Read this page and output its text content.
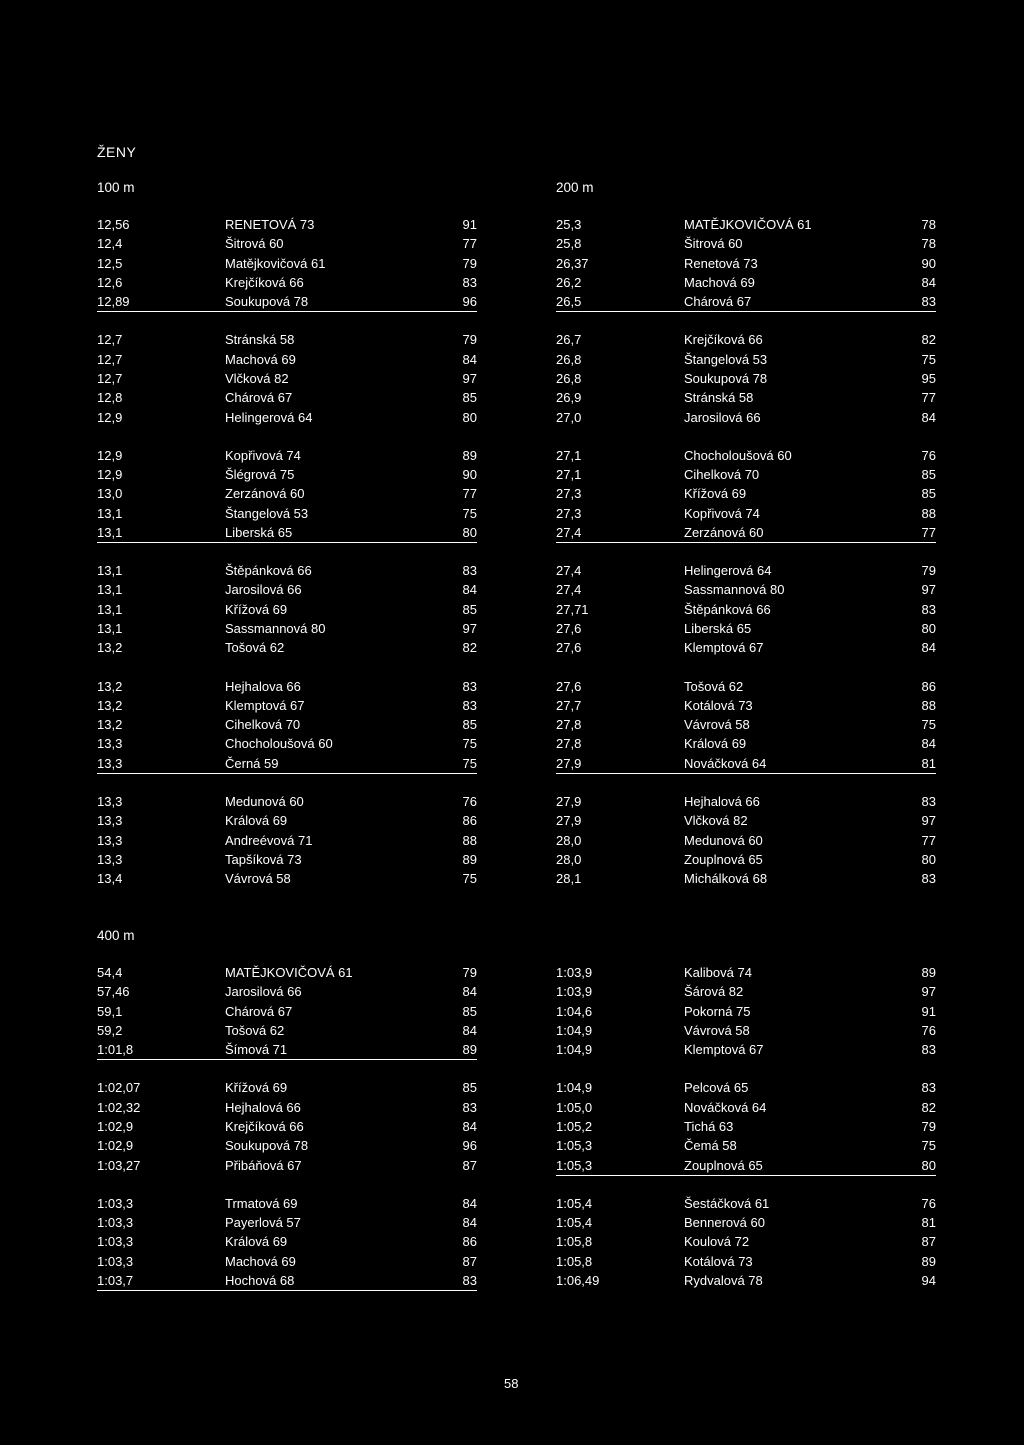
ŽENY
100 m	200 m
12,56	RENETOVÁ 73	91
12,4	Šitrová 60	77
12,5	Matějkovičová 61	79
12,6	Krejčíková 66	83
12,89	Soukupová 78	96
12,7	Stránská 58	79
12,7	Machová 69	84
12,7	Vlčková 82	97
12,8	Chárová 67	85
12,9	Helingerová 64	80
12,9	Kopřivová 74	89
12,9	Šlégrová 75	90
13,0	Zerzánová 60	77
13,1	Štangelová 53	75
13,1	Liberská 65	80
13,1	Štěpánková 66	83
13,1	Jarosilová 66	84
13,1	Křížová 69	85
13,1	Sassmannová 80	97
13,2	Tošová 62	82
13,2	Hejhalova 66	83
13,2	Klemptová 67	83
13,2	Cihelková 70	85
13,3	Chocholoušová 60	75
13,3	Černá 59	75
13,3	Medunová 60	76
13,3	Králová 69	86
13,3	Andreévová 71	88
13,3	Tapšíková 73	89
13,4	Vávrová 58	75
25,3	MATĚJKOVIČOVÁ 61	78
25,8	Šitrová 60	78
26,37	Renetová 73	90
26,2	Machová 69	84
26,5	Chárová 67	83
26,7	Krejčíková 66	82
26,8	Štangelová 53	75
26,8	Soukupová 78	95
26,9	Stránská 58	77
27,0	Jarosilová 66	84
27,1	Chocholoušová 60	76
27,1	Cihelková 70	85
27,3	Křížová 69	85
27,3	Kopřivová 74	88
27,4	Zerzánová 60	77
27,4	Helingerová 64	79
27,4	Sassmannová 80	97
27,71	Štěpánková 66	83
27,6	Liberská 65	80
27,6	Klemptová 67	84
27,6	Tošová 62	86
27,7	Kotálová 73	88
27,8	Vávrová 58	75
27,8	Králová 69	84
27,9	Nováčková 64	81
27,9	Hejhalová 66	83
27,9	Vlčková 82	97
28,0	Medunová 60	77
28,0	Zouplnová 65	80
28,1	Michálková 68	83
400 m
54,4	MATĚJKOVIČOVÁ 61	79
57,46	Jarosilová 66	84
59,1	Chárová 67	85
59,2	Tošová 62	84
1:01,8	Šímová 71	89
1:02,07	Křížová 69	85
1:02,32	Hejhalová 66	83
1:02,9	Krejčíková 66	84
1:02,9	Soukupová 78	96
1:03,27	Přibáňová 67	87
1:03,3	Trmatová 69	84
1:03,3	Payerlová 57	84
1:03,3	Králová 69	86
1:03,3	Machová 69	87
1:03,7	Hochová 68	83
1:03,9	Kalibová 74	89
1:03,9	Šárová 82	97
1:04,6	Pokorná 75	91
1:04,9	Vávrová 58	76
1:04,9	Klemptová 67	83
1:04,9	Pelcová 65	83
1:05,0	Nováčková 64	82
1:05,2	Tichá 63	79
1:05,3	Čemá 58	75
1:05,3	Zouplnová 65	80
1:05,4	Šestáčková 61	76
1:05,4	Bennerová 60	81
1:05,8	Koulová 72	87
1:05,8	Kotálová 73	89
1:06,49	Rydvalová 78	94
58
